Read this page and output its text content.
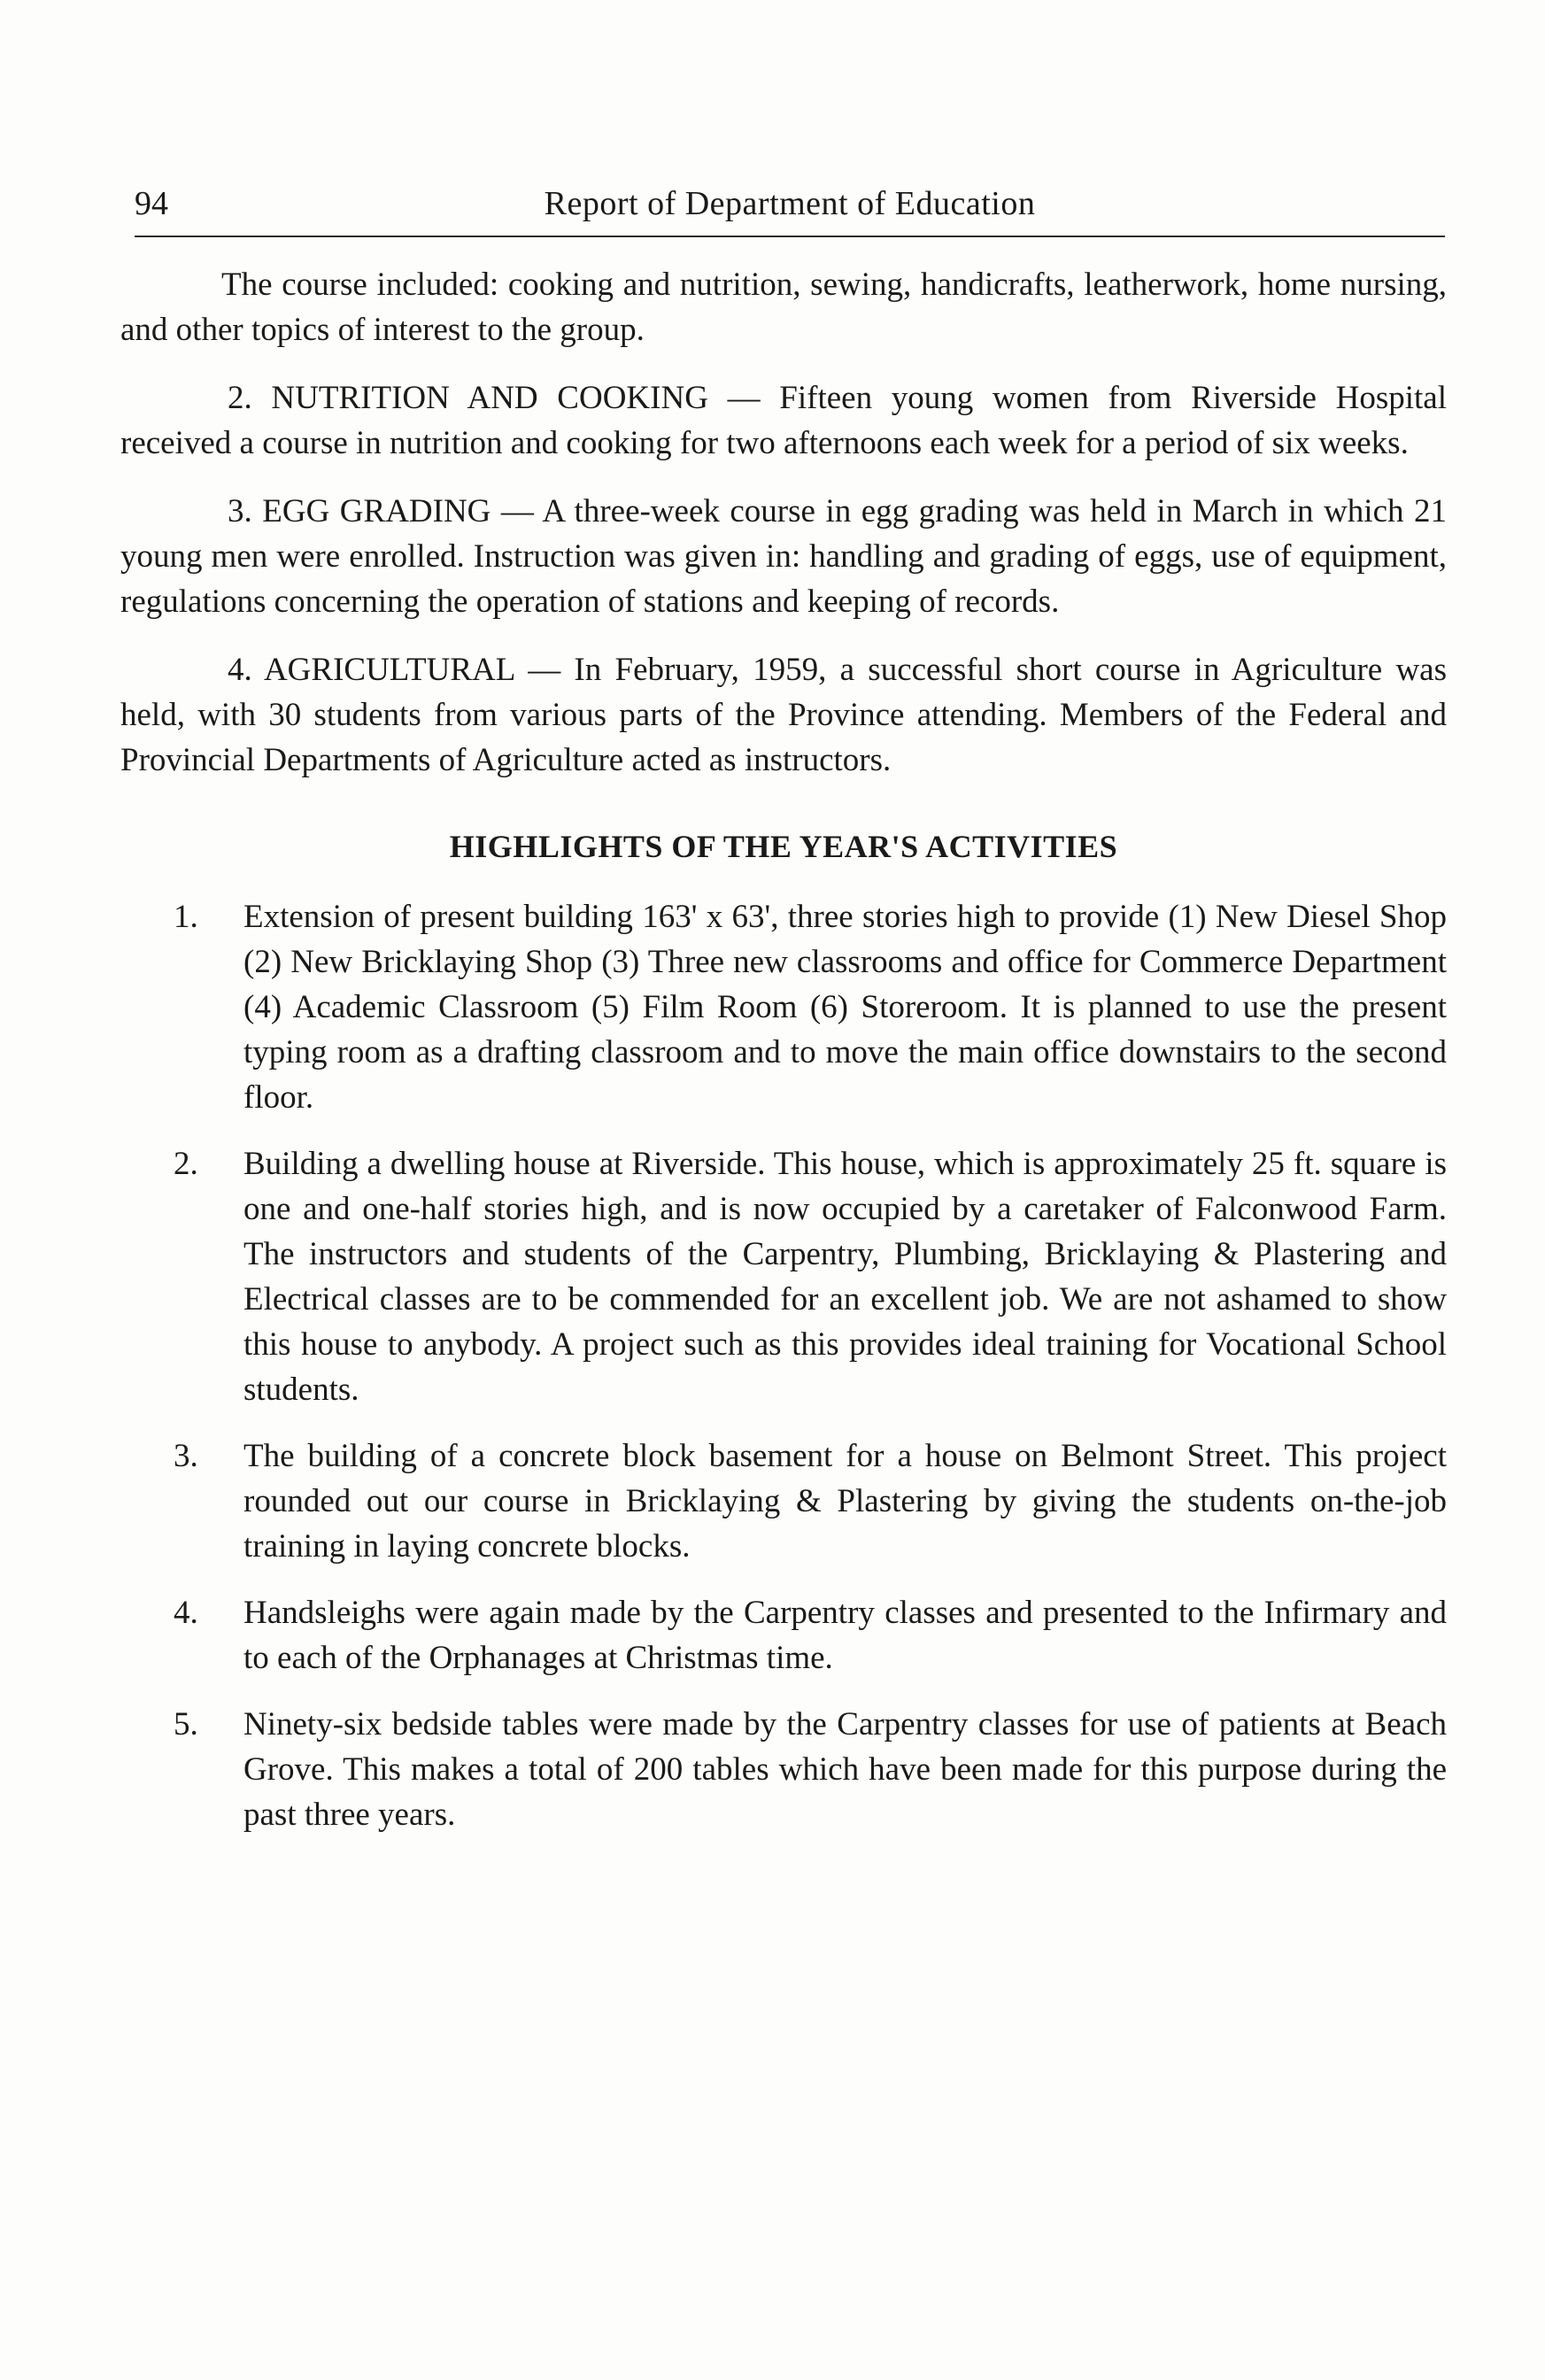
94	Report of Department of Education

The course included: cooking and nutrition, sewing, handicrafts, leatherwork, home nursing, and other topics of interest to the group.

2. NUTRITION AND COOKING — Fifteen young women from Riverside Hospital received a course in nutrition and cooking for two afternoons each week for a period of six weeks.

3. EGG GRADING — A three-week course in egg grading was held in March in which 21 young men were enrolled. Instruction was given in: handling and grading of eggs, use of equipment, regulations concerning the operation of stations and keeping of records.

4. AGRICULTURAL — In February, 1959, a successful short course in Agriculture was held, with 30 students from various parts of the Province attending. Members of the Federal and Provincial Departments of Agriculture acted as instructors.

HIGHLIGHTS OF THE YEAR'S ACTIVITIES
1. Extension of present building 163' x 63', three stories high to provide (1) New Diesel Shop (2) New Bricklaying Shop (3) Three new classrooms and office for Commerce Department (4) Academic Classroom (5) Film Room (6) Storeroom. It is planned to use the present typing room as a drafting classroom and to move the main office downstairs to the second floor.
2. Building a dwelling house at Riverside. This house, which is approximately 25 ft. square is one and one-half stories high, and is now occupied by a caretaker of Falconwood Farm. The instructors and students of the Carpentry, Plumbing, Bricklaying & Plastering and Electrical classes are to be commended for an excellent job. We are not ashamed to show this house to anybody. A project such as this provides ideal training for Vocational School students.
3. The building of a concrete block basement for a house on Belmont Street. This project rounded out our course in Bricklaying & Plastering by giving the students on-the-job training in laying concrete blocks.
4. Handsleighs were again made by the Carpentry classes and presented to the Infirmary and to each of the Orphanages at Christmas time.
5. Ninety-six bedside tables were made by the Carpentry classes for use of patients at Beach Grove. This makes a total of 200 tables which have been made for this purpose during the past three years.
